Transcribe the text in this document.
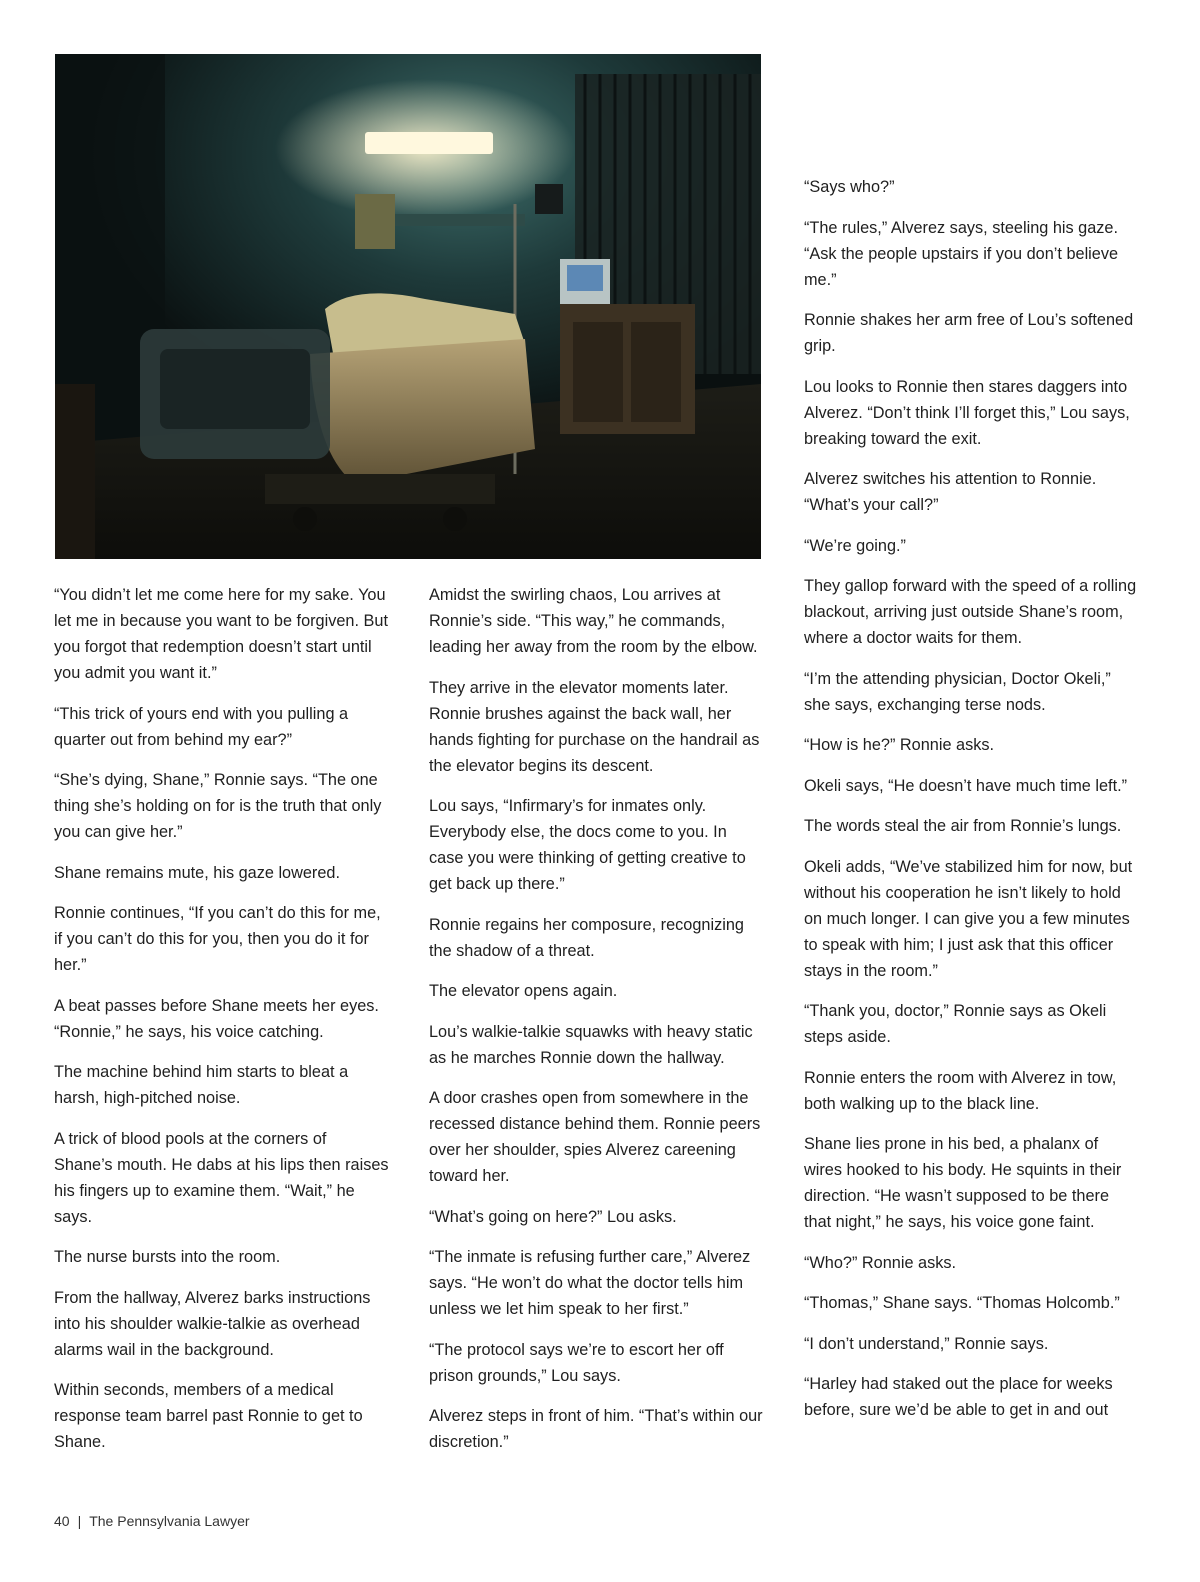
“You didn’t let me come here for my sake. You let me in because you want to be forgiven. But you forgot that redemption doesn’t start until you admit you want it.”

“This trick of yours end with you pulling a quarter out from behind my ear?”

“She’s dying, Shane,” Ronnie says. “The one thing she’s holding on for is the truth that only you can give her.”

Shane remains mute, his gaze lowered.

Ronnie continues, “If you can’t do this for me, if you can’t do this for you, then you do it for her.”

A beat passes before Shane meets her eyes. “Ronnie,” he says, his voice catching.

The machine behind him starts to bleat a harsh, high-pitched noise.

A trick of blood pools at the corners of Shane’s mouth. He dabs at his lips then raises his fingers up to examine them. “Wait,” he says.

The nurse bursts into the room.

From the hallway, Alverez barks instructions into his shoulder walkie-talkie as overhead alarms wail in the background.

Within seconds, members of a medical response team barrel past Ronnie to get to Shane.

Amidst the swirling chaos, Lou arrives at Ronnie’s side. “This way,” he commands, leading her away from the room by the elbow.

They arrive in the elevator moments later. Ronnie brushes against the back wall, her hands fighting for purchase on the handrail as the elevator begins its descent.

Lou says, “Infirmary’s for inmates only. Everybody else, the docs come to you. In case you were thinking of getting creative to get back up there.”

Ronnie regains her composure, recognizing the shadow of a threat.

The elevator opens again.

Lou’s walkie-talkie squawks with heavy static as he marches Ronnie down the hallway.

A door crashes open from somewhere in the recessed distance behind them. Ronnie peers over her shoulder, spies Alverez careening toward her.

“What’s going on here?” Lou asks.

“The inmate is refusing further care,” Alverez says. “He won’t do what the doctor tells him unless we let him speak to her first.”

“The protocol says we’re to escort her off prison grounds,” Lou says.

Alverez steps in front of him. “That’s within our discretion.”

“Says who?”

“The rules,” Alverez says, steeling his gaze. “Ask the people upstairs if you don’t believe me.”

Ronnie shakes her arm free of Lou’s softened grip.

Lou looks to Ronnie then stares daggers into Alverez. “Don’t think I’ll forget this,” Lou says, breaking toward the exit.

Alverez switches his attention to Ronnie. “What’s your call?”

“We’re going.”

They gallop forward with the speed of a rolling blackout, arriving just outside Shane’s room, where a doctor waits for them.

“I’m the attending physician, Doctor Okeli,” she says, exchanging terse nods.

“How is he?” Ronnie asks.

Okeli says, “He doesn’t have much time left.”

The words steal the air from Ronnie’s lungs.

Okeli adds, “We’ve stabilized him for now, but without his cooperation he isn’t likely to hold on much longer. I can give you a few minutes to speak with him; I just ask that this officer stays in the room.”

“Thank you, doctor,” Ronnie says as Okeli steps aside.

Ronnie enters the room with Alverez in tow, both walking up to the black line.

Shane lies prone in his bed, a phalanx of wires hooked to his body. He squints in their direction. “He wasn’t supposed to be there that night,” he says, his voice gone faint.

“Who?” Ronnie asks.

“Thomas,” Shane says. “Thomas Holcomb.”

“I don’t understand,” Ronnie says.

“Harley had staked out the place for weeks before, sure we’d be able to get in and out

40 | The Pennsylvania Lawyer
